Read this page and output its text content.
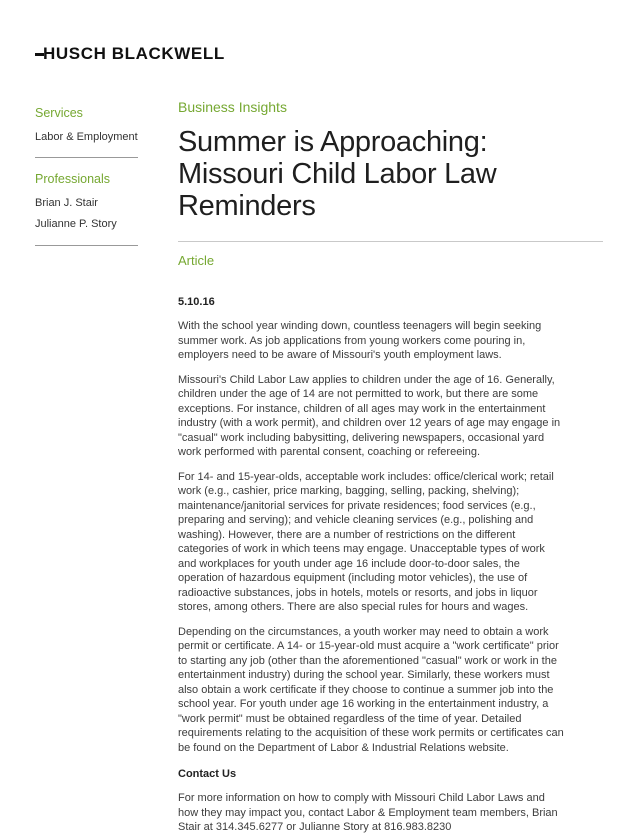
HUSCH BLACKWELL
Services
Labor & Employment
Professionals
Brian J. Stair
Julianne P. Story
Business Insights
Summer is Approaching:
Missouri Child Labor Law
Reminders
Article
5.10.16

With the school year winding down, countless teenagers will begin seeking summer work. As job applications from young workers come pouring in, employers need to be aware of Missouri's youth employment laws.

Missouri's Child Labor Law applies to children under the age of 16. Generally, children under the age of 14 are not permitted to work, but there are some exceptions. For instance, children of all ages may work in the entertainment industry (with a work permit), and children over 12 years of age may engage in "casual" work including babysitting, delivering newspapers, occasional yard work performed with parental consent, coaching or refereeing.

For 14- and 15-year-olds, acceptable work includes: office/clerical work; retail work (e.g., cashier, price marking, bagging, selling, packing, shelving); maintenance/janitorial services for private residences; food services (e.g., preparing and serving); and vehicle cleaning services (e.g., polishing and washing). However, there are a number of restrictions on the different categories of work in which teens may engage. Unacceptable types of work and workplaces for youth under age 16 include door-to-door sales, the operation of hazardous equipment (including motor vehicles), the use of radioactive substances, jobs in hotels, motels or resorts, and jobs in liquor stores, among others. There are also special rules for hours and wages.

Depending on the circumstances, a youth worker may need to obtain a work permit or certificate. A 14- or 15-year-old must acquire a "work certificate" prior to starting any job (other than the aforementioned "casual" work or work in the entertainment industry) during the school year. Similarly, these workers must also obtain a work certificate if they choose to continue a summer job into the school year. For youth under age 16 working in the entertainment industry, a "work permit" must be obtained regardless of the time of year. Detailed requirements relating to the acquisition of these work permits or certificates can be found on the Department of Labor & Industrial Relations website.

Contact Us

For more information on how to comply with Missouri Child Labor Laws and how they may impact you, contact Labor & Employment team members, Brian Stair at 314.345.6277 or Julianne Story at 816.983.8230
